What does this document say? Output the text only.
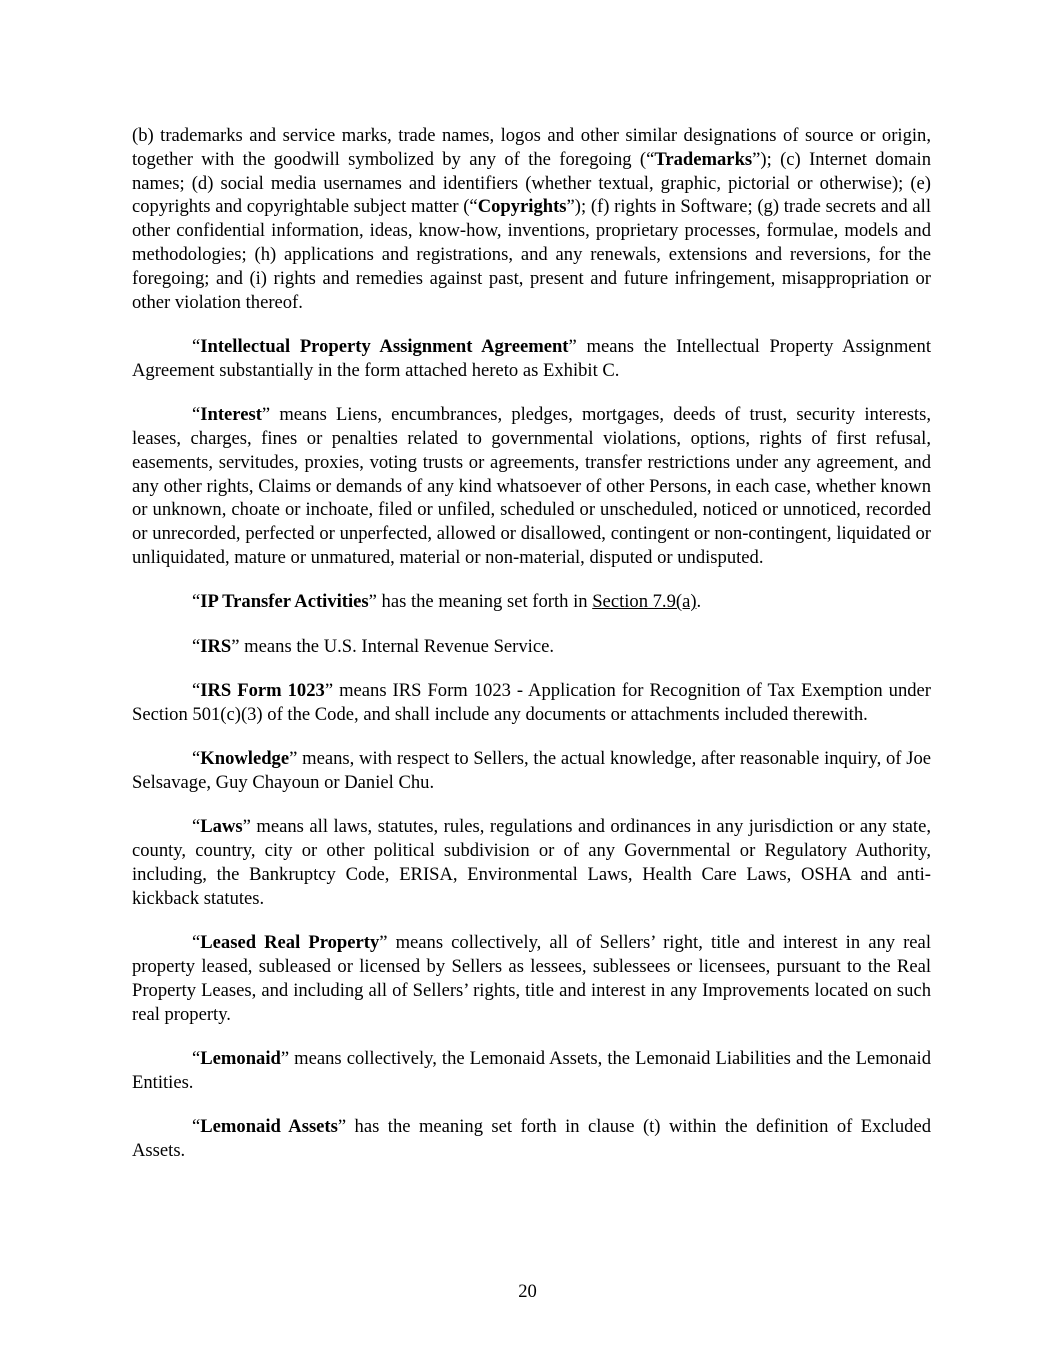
(b) trademarks and service marks, trade names, logos and other similar designations of source or origin, together with the goodwill symbolized by any of the foregoing (“Trademarks”); (c) Internet domain names; (d) social media usernames and identifiers (whether textual, graphic, pictorial or otherwise); (e) copyrights and copyrightable subject matter (“Copyrights”); (f) rights in Software; (g) trade secrets and all other confidential information, ideas, know-how, inventions, proprietary processes, formulae, models and methodologies; (h) applications and registrations, and any renewals, extensions and reversions, for the foregoing; and (i) rights and remedies against past, present and future infringement, misappropriation or other violation thereof.

“Intellectual Property Assignment Agreement” means the Intellectual Property Assignment Agreement substantially in the form attached hereto as Exhibit C.

“Interest” means Liens, encumbrances, pledges, mortgages, deeds of trust, security interests, leases, charges, fines or penalties related to governmental violations, options, rights of first refusal, easements, servitudes, proxies, voting trusts or agreements, transfer restrictions under any agreement, and any other rights, Claims or demands of any kind whatsoever of other Persons, in each case, whether known or unknown, choate or inchoate, filed or unfiled, scheduled or unscheduled, noticed or unnoticed, recorded or unrecorded, perfected or unperfected, allowed or disallowed, contingent or non-contingent, liquidated or unliquidated, mature or unmatured, material or non-material, disputed or undisputed.

“IP Transfer Activities” has the meaning set forth in Section 7.9(a).

“IRS” means the U.S. Internal Revenue Service.

“IRS Form 1023” means IRS Form 1023 - Application for Recognition of Tax Exemption under Section 501(c)(3) of the Code, and shall include any documents or attachments included therewith.

“Knowledge” means, with respect to Sellers, the actual knowledge, after reasonable inquiry, of Joe Selsavage, Guy Chayoun or Daniel Chu.

“Laws” means all laws, statutes, rules, regulations and ordinances in any jurisdiction or any state, county, country, city or other political subdivision or of any Governmental or Regulatory Authority, including, the Bankruptcy Code, ERISA, Environmental Laws, Health Care Laws, OSHA and anti-kickback statutes.

“Leased Real Property” means collectively, all of Sellers’ right, title and interest in any real property leased, subleased or licensed by Sellers as lessees, sublessees or licensees, pursuant to the Real Property Leases, and including all of Sellers’ rights, title and interest in any Improvements located on such real property.

“Lemonaid” means collectively, the Lemonaid Assets, the Lemonaid Liabilities and the Lemonaid Entities.

“Lemonaid Assets” has the meaning set forth in clause (t) within the definition of Excluded Assets.

20
